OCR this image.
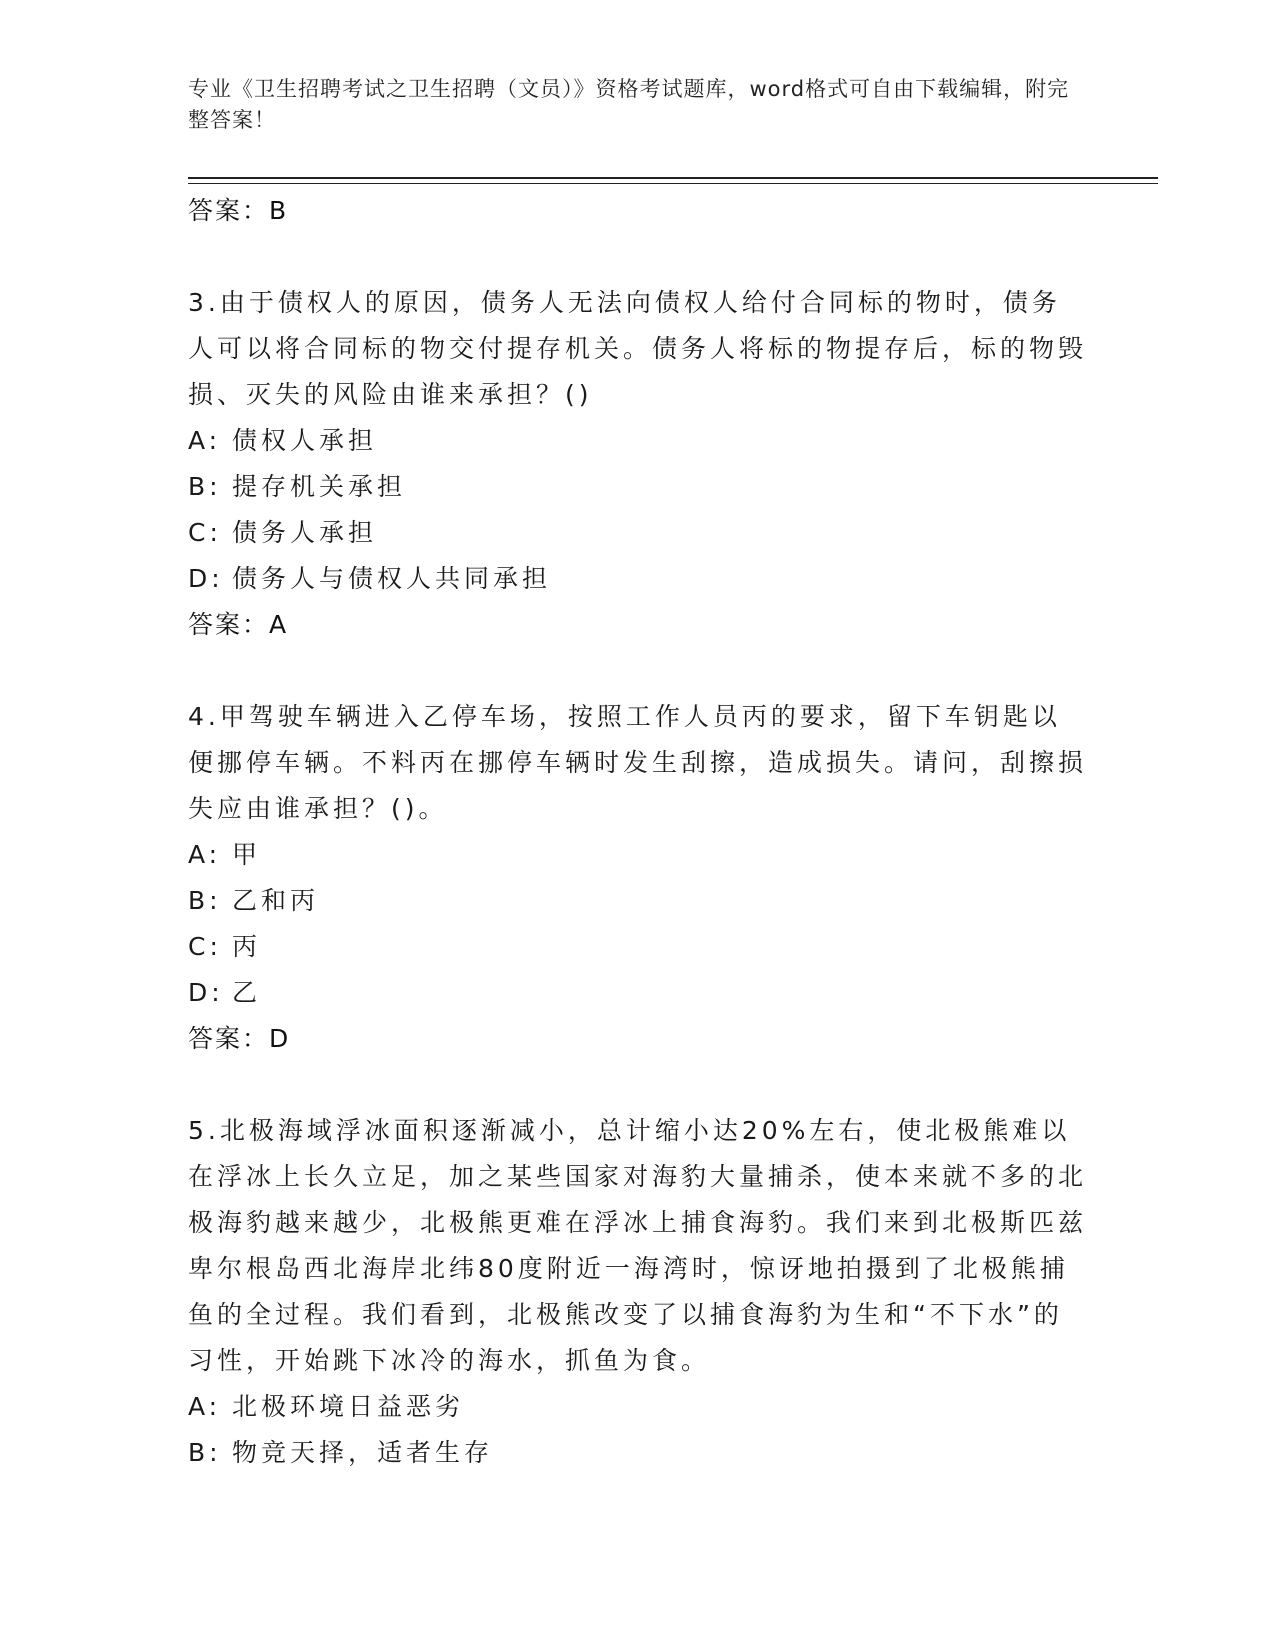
专业《卫生招聘考试之卫生招聘（文员）》资格考试题库，word格式可自由下载编辑，附完整答案！
答案：B

3.由于债权人的原因，债务人无法向债权人给付合同标的物时，债务人可以将合同标的物交付提存机关。债务人将标的物提存后，标的物毁损、灭失的风险由谁来承担？()

A: 债权人承担
B: 提存机关承担
C: 债务人承担
D: 债务人与债权人共同承担
答案：A

4.甲驾驶车辆进入乙停车场，按照工作人员丙的要求，留下车钥匙以便挪停车辆。不料丙在挪停车辆时发生刮擦，造成损失。请问，刮擦损失应由谁承担？()。

A: 甲
B: 乙和丙
C: 丙
D: 乙
答案：D

5.北极海域浮冰面积逐渐减小，总计缩小达20%左右，使北极熊难以在浮冰上长久立足，加之某些国家对海豹大量捕杀，使本来就不多的北极海豹越来越少，北极熊更难在浮冰上捕食海豹。我们来到北极斯匹兹卑尔根岛西北海岸北纬80度附近一海湾时，惊讶地拍摄到了北极熊捕鱼的全过程。我们看到，北极熊改变了以捕食海豹为生和“不下水”的习性，开始跳下冰冷的海水，抓鱼为食。

A: 北极环境日益恶劣
B: 物竞天择，适者生存
